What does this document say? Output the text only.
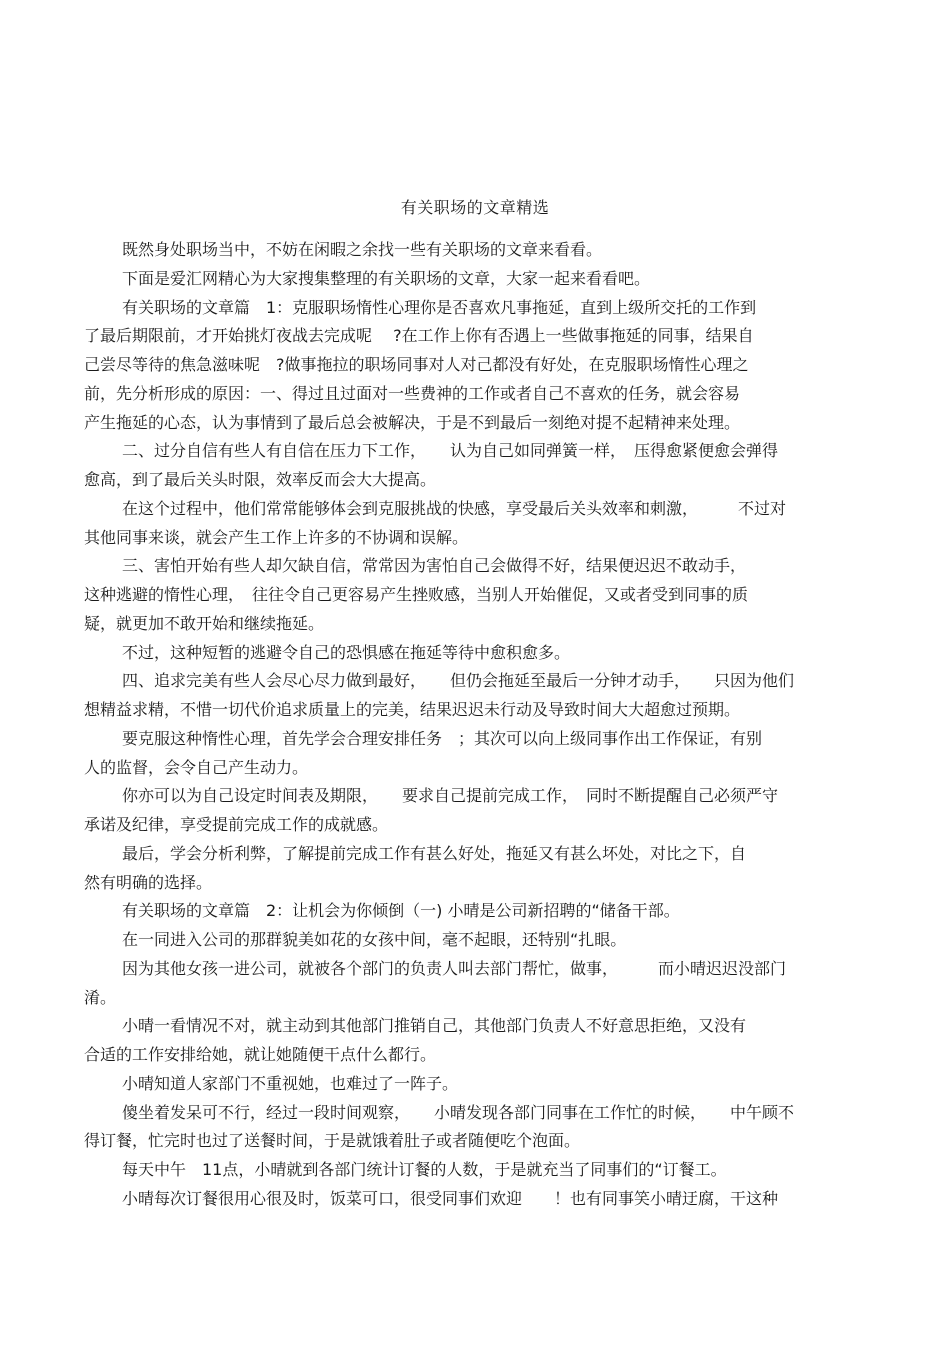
有关职场的文章精选
既然身处职场当中，不妨在闲暇之余找一些有关职场的文章来看看。
下面是爱汇网精心为大家搜集整理的有关职场的文章，大家一起来看看吧。
有关职场的文章篇　1：克服职场惰性心理你是否喜欢凡事拖延，直到上级所交托的工作到
了最后期限前，才开始挑灯夜战去完成呢　 ?在工作上你有否遇上一些做事拖延的同事，结果自
己尝尽等待的焦急滋味呢　?做事拖拉的职场同事对人对己都没有好处，在克服职场惰性心理之
前，先分析形成的原因：一、得过且过面对一些费神的工作或者自己不喜欢的任务，就会容易
产生拖延的心态，认为事情到了最后总会被解决，于是不到最后一刻绝对提不起精神来处理。
二、过分自信有些人有自信在压力下工作，　　认为自己如同弹簧一样，　压得愈紧便愈会弹得
愈高，到了最后关头时限，效率反而会大大提高。
在这个过程中，他们常常能够体会到克服挑战的快感，享受最后关头效率和刺激，　　　不过对
其他同事来谈，就会产生工作上许多的不协调和误解。
三、害怕开始有些人却欠缺自信，常常因为害怕自己会做得不好，结果便迟迟不敢动手，
这种逃避的惰性心理，　往往令自己更容易产生挫败感，当别人开始催促，又或者受到同事的质
疑，就更加不敢开始和继续拖延。
不过，这种短暂的逃避令自己的恐惧感在拖延等待中愈积愈多。
四、追求完美有些人会尽心尽力做到最好，　　但仍会拖延至最后一分钟才动手，　　只因为他们
想精益求精，不惜一切代价追求质量上的完美，结果迟迟未行动及导致时间大大超愈过预期。
要克服这种惰性心理，首先学会合理安排任务　；其次可以向上级同事作出工作保证，有别
人的监督，会令自己产生动力。
你亦可以为自己设定时间表及期限，　　要求自己提前完成工作，　同时不断提醒自己必须严守
承诺及纪律，享受提前完成工作的成就感。
最后，学会分析利弊，了解提前完成工作有甚么好处，拖延又有甚么坏处，对比之下，自
然有明确的选择。
有关职场的文章篇　2：让机会为你倾倒（一) 小晴是公司新招聘的“储备干部。
在一同进入公司的那群貌美如花的女孩中间，毫不起眼，还特别“扎眼。
因为其他女孩一进公司，就被各个部门的负责人叫去部门帮忙，做事，　　　而小晴迟迟没部门
淆。
小晴一看情况不对，就主动到其他部门推销自己，其他部门负责人不好意思拒绝，又没有
合适的工作安排给她，就让她随便干点什么都行。
小晴知道人家部门不重视她，也难过了一阵子。
傻坐着发呆可不行，经过一段时间观察，　　小晴发现各部门同事在工作忙的时候，　　中午顾不
得订餐，忙完时也过了送餐时间，于是就饿着肚子或者随便吃个泡面。
每天中午　11点，小晴就到各部门统计订餐的人数，于是就充当了同事们的“订餐工。
小晴每次订餐很用心很及时，饭菜可口，很受同事们欢迎　　！也有同事笑小晴迂腐，干这种
